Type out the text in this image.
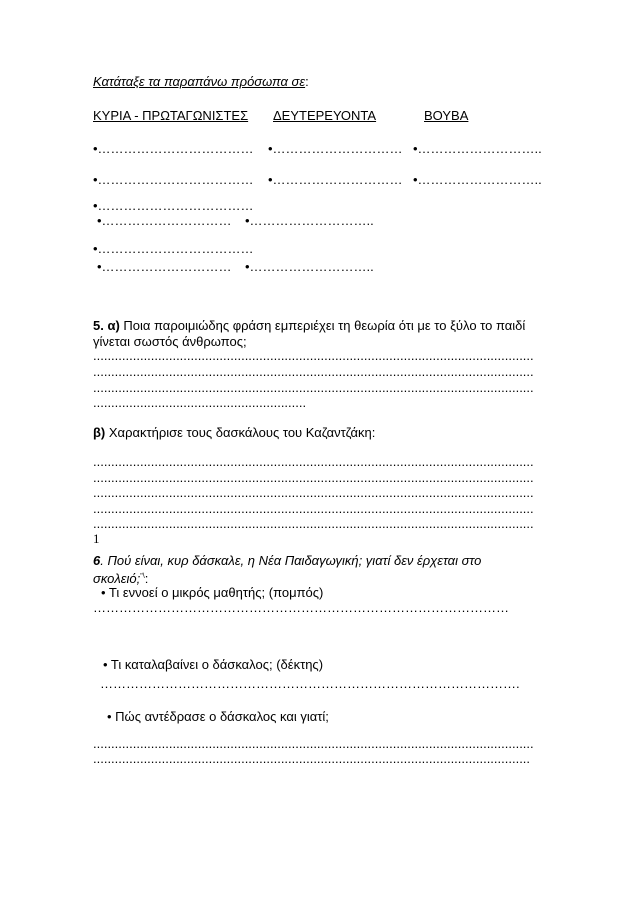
Κατάταξε τα παραπάνω πρόσωπα σε:
ΚΥΡΙΑ - ΠΡΩΤΑΓΩΝΙΣΤΕΣ ΔΕΥΤΕΡΕΥΟΝΤΑ	ΒΟΥΒΑ
•……………………………… •………………………… •………………………..
•……………………………… •………………………… •………………………..
•………………………………
•………………………… •………………………..
•………………………………
•………………………… •………………………..
5. α) Ποια παροιμιώδης φράση εμπεριέχει τη θεωρία ότι με το ξύλο το παιδί
γίνεται σωστός άνθρωπος;
..........................................................................................................................
..........................................................................................................................
..........................................................................................................................
...........................................................
β) Χαρακτήρισε τους δασκάλους του Καζαντζάκη:
..........................................................................................................................
..........................................................................................................................
..........................................................................................................................
..........................................................................................................................
..........................................................................................................................
1
6. Πού είναι, κυρ δάσκαλε, η Νέα Παιδαγωγική; γιατί δεν έρχεται στο
σκολειό;"\:
• Τι εννοεί ο μικρός μαθητής; (πομπός)
……………………………………………………………………………………
• Τι καταλαβαίνει ο δάσκαλος; (δέκτης)
…………………………………………………………………………………….
• Πώς αντέδρασε ο δάσκαλος και γιατί;
..........................................................................................................................
.........................................................................................................................
